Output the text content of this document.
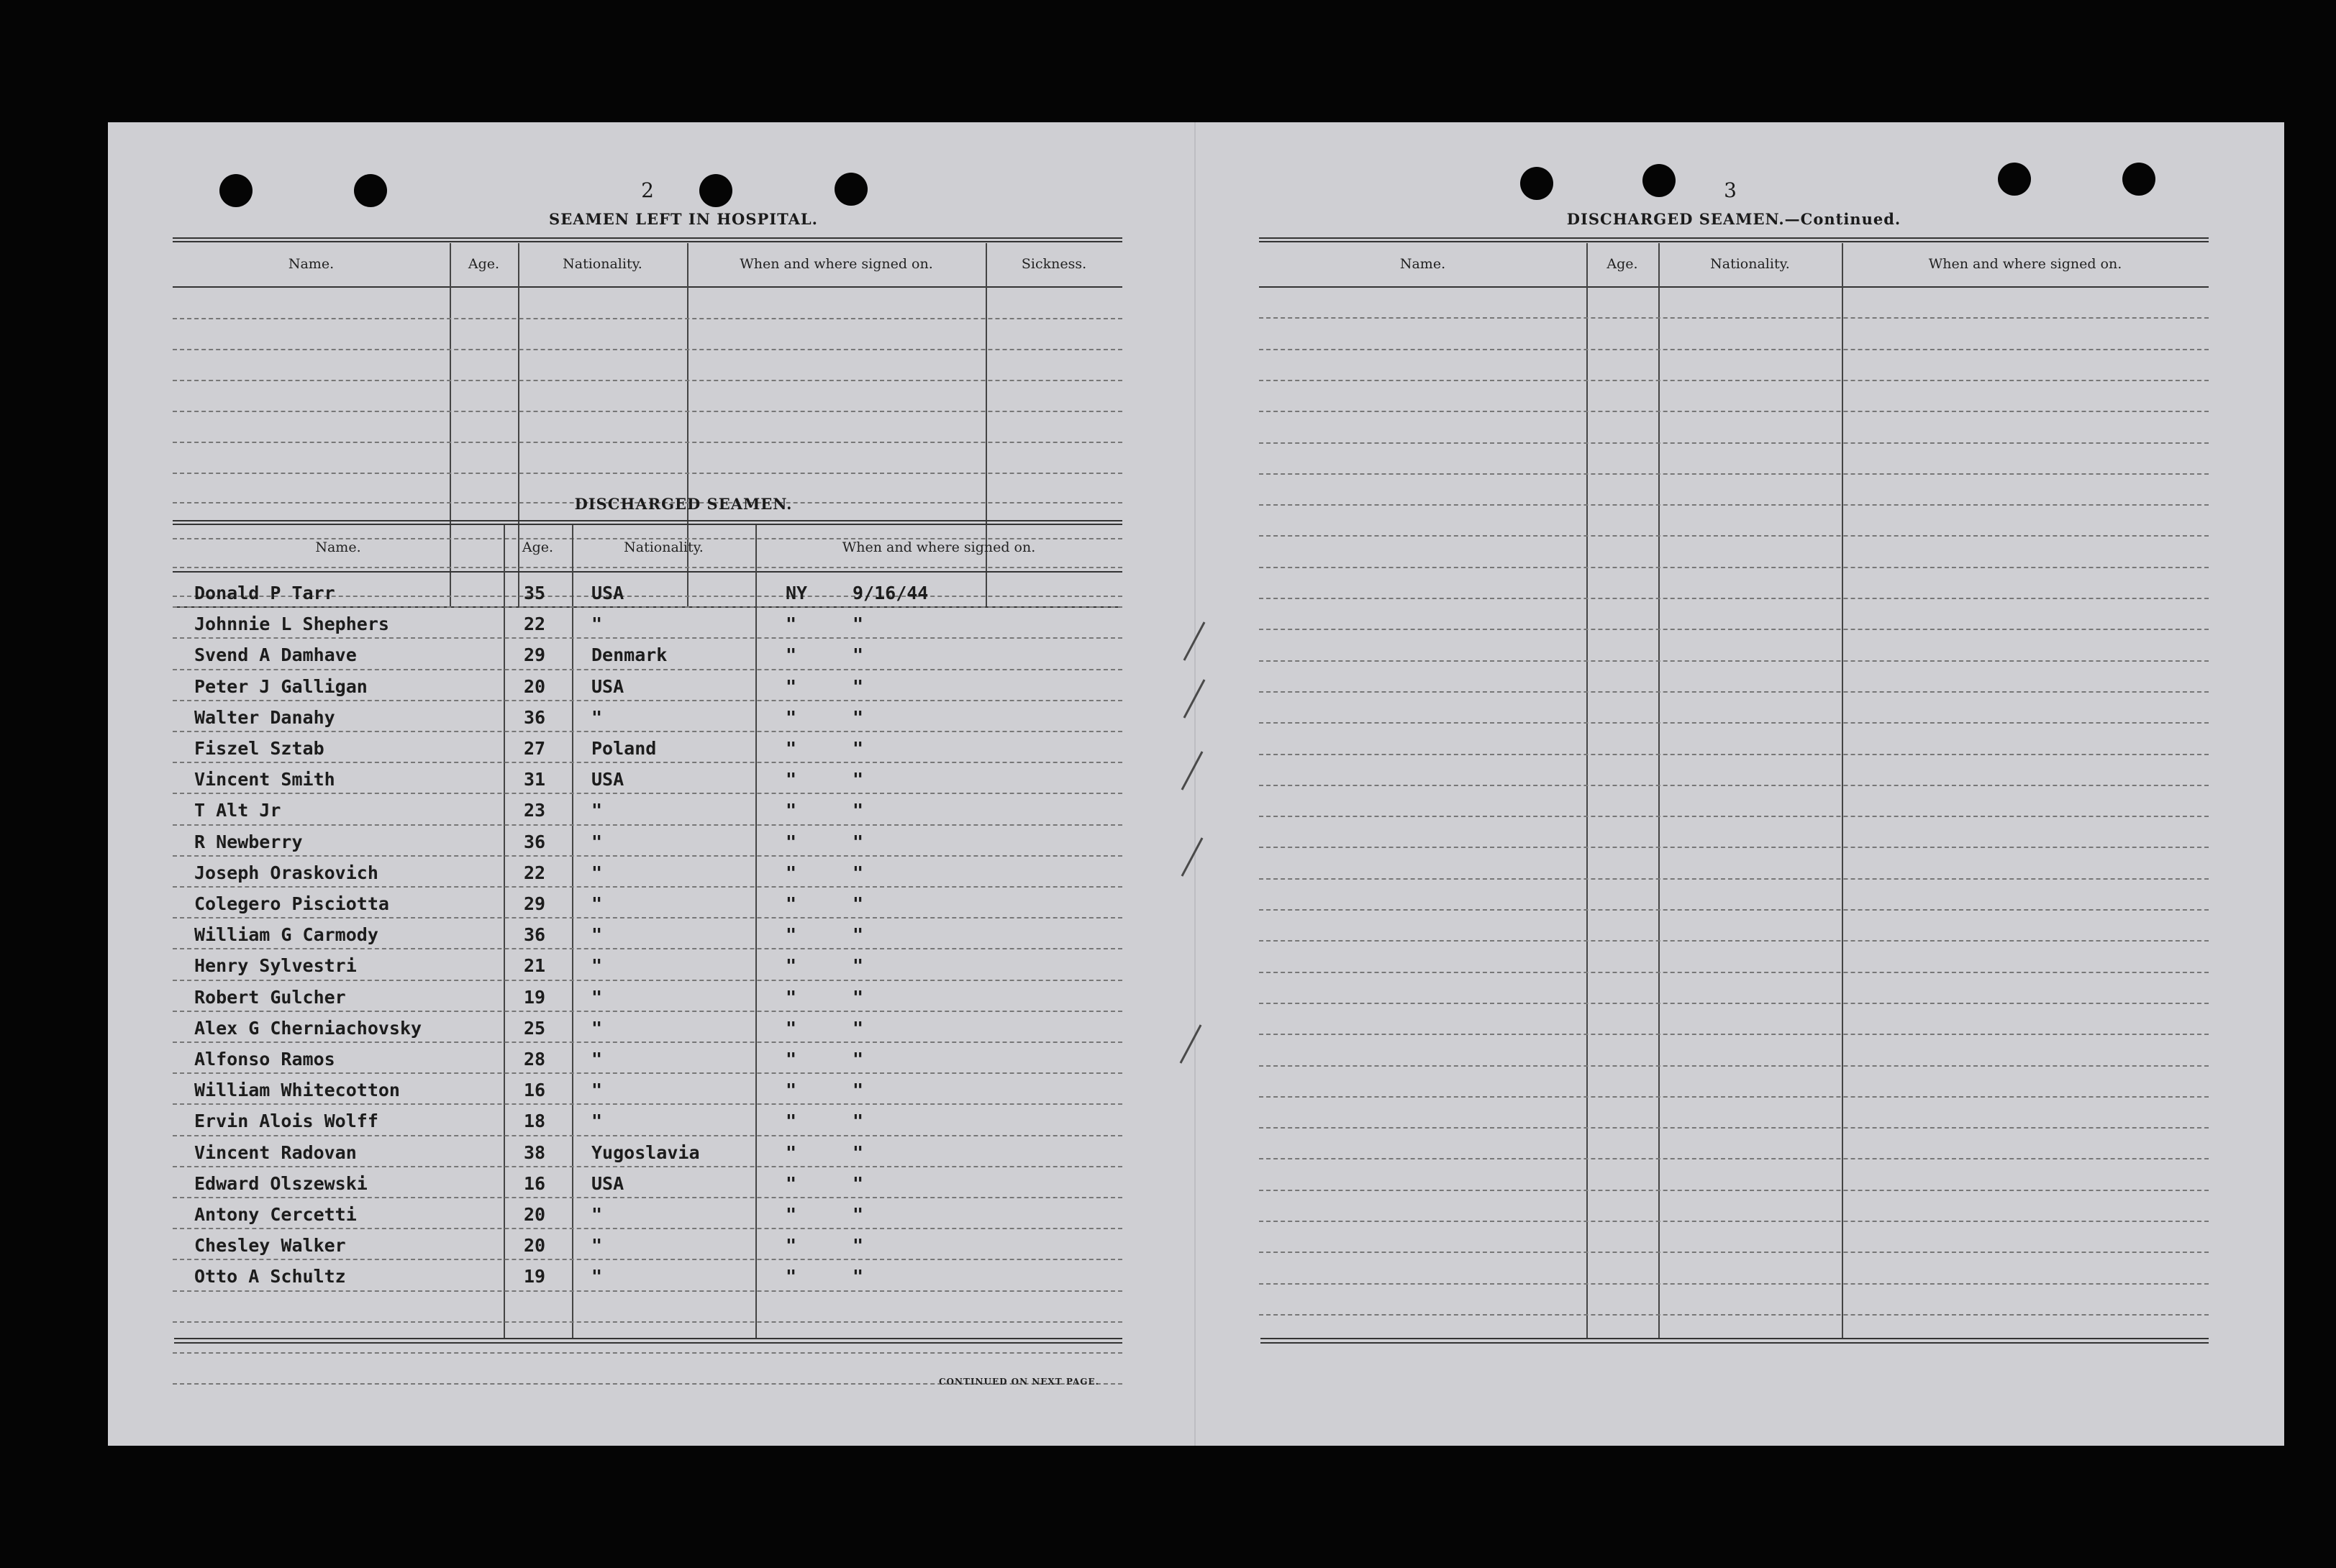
2
SEAMEN LEFT IN HOSPITAL.
Name.	Age.	Nationality.	When and where signed on.	Sickness.
DISCHARGED SEAMEN.
Name.	Age.	Nationality.	When and where signed on.
Donald P Tarr	35	USA	NY	9/16/44
Johnnie L Shephers	22	"	"	"
Svend A Damhave	29	Denmark	"	"
Peter J Galligan	20	USA	"	"
Walter Danahy	36	"	"	"
Fiszel Sztab	27	Poland	"	"
Vincent Smith	31	USA	"	"
T Alt Jr	23	"	"	"
R Newberry	36	"	"	"
Joseph Oraskovich	22	"	"	"
Colegero Pisciotta	29	"	"	"
William G Carmody	36	"	"	"
Henry Sylvestri	21	"	"	"
Robert Gulcher	19	"	"	"
Alex G Cherniachovsky	25	"	"	"
Alfonso Ramos	28	"	"	"
William Whitecotton	16	"	"	"
Ervin Alois Wolff	18	"	"	"
Vincent Radovan	38	Yugoslavia	"	"
Edward Olszewski	16	USA	"	"
Antony Cercetti	20	"	"	"
Chesley Walker	20	"	"	"
Otto A Schultz	19	"	"	"
CONTINUED ON NEXT PAGE.
3
DISCHARGED SEAMEN.—Continued.
Name.	Age.	Nationality.	When and where signed on.
